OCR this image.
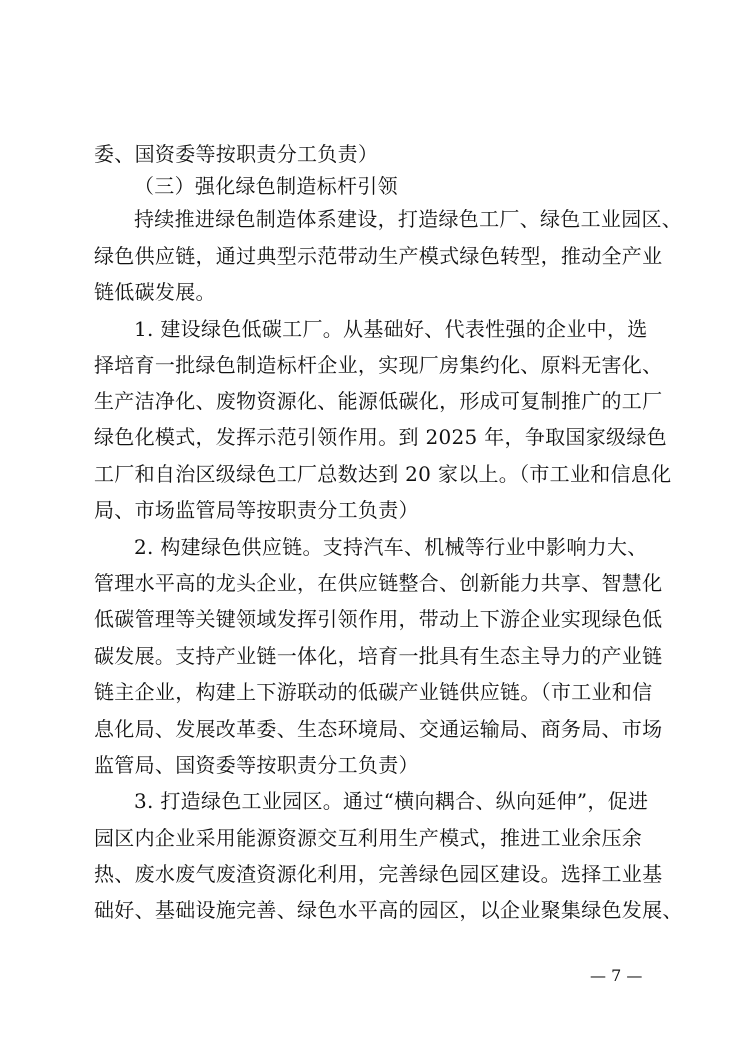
委、国资委等按职责分工负责）
（三）强化绿色制造标杆引领
持续推进绿色制造体系建设，打造绿色工厂、绿色工业园区、
绿色供应链，通过典型示范带动生产模式绿色转型，推动全产业
链低碳发展。
1. 建设绿色低碳工厂。从基础好、代表性强的企业中，选
择培育一批绿色制造标杆企业，实现厂房集约化、原料无害化、
生产洁净化、废物资源化、能源低碳化，形成可复制推广的工厂
绿色化模式，发挥示范引领作用。到 2025 年，争取国家级绿色
工厂和自治区级绿色工厂总数达到 20 家以上。（市工业和信息化
局、市场监管局等按职责分工负责）
2. 构建绿色供应链。支持汽车、机械等行业中影响力大、
管理水平高的龙头企业，在供应链整合、创新能力共享、智慧化
低碳管理等关键领域发挥引领作用，带动上下游企业实现绿色低
碳发展。支持产业链一体化，培育一批具有生态主导力的产业链
链主企业，构建上下游联动的低碳产业链供应链。（市工业和信
息化局、发展改革委、生态环境局、交通运输局、商务局、市场
监管局、国资委等按职责分工负责）
3. 打造绿色工业园区。通过“横向耦合、纵向延伸”，促进
园区内企业采用能源资源交互利用生产模式，推进工业余压余
热、废水废气废渣资源化利用，完善绿色园区建设。选择工业基
础好、基础设施完善、绿色水平高的园区，以企业聚集绿色发展、
— 7 —
